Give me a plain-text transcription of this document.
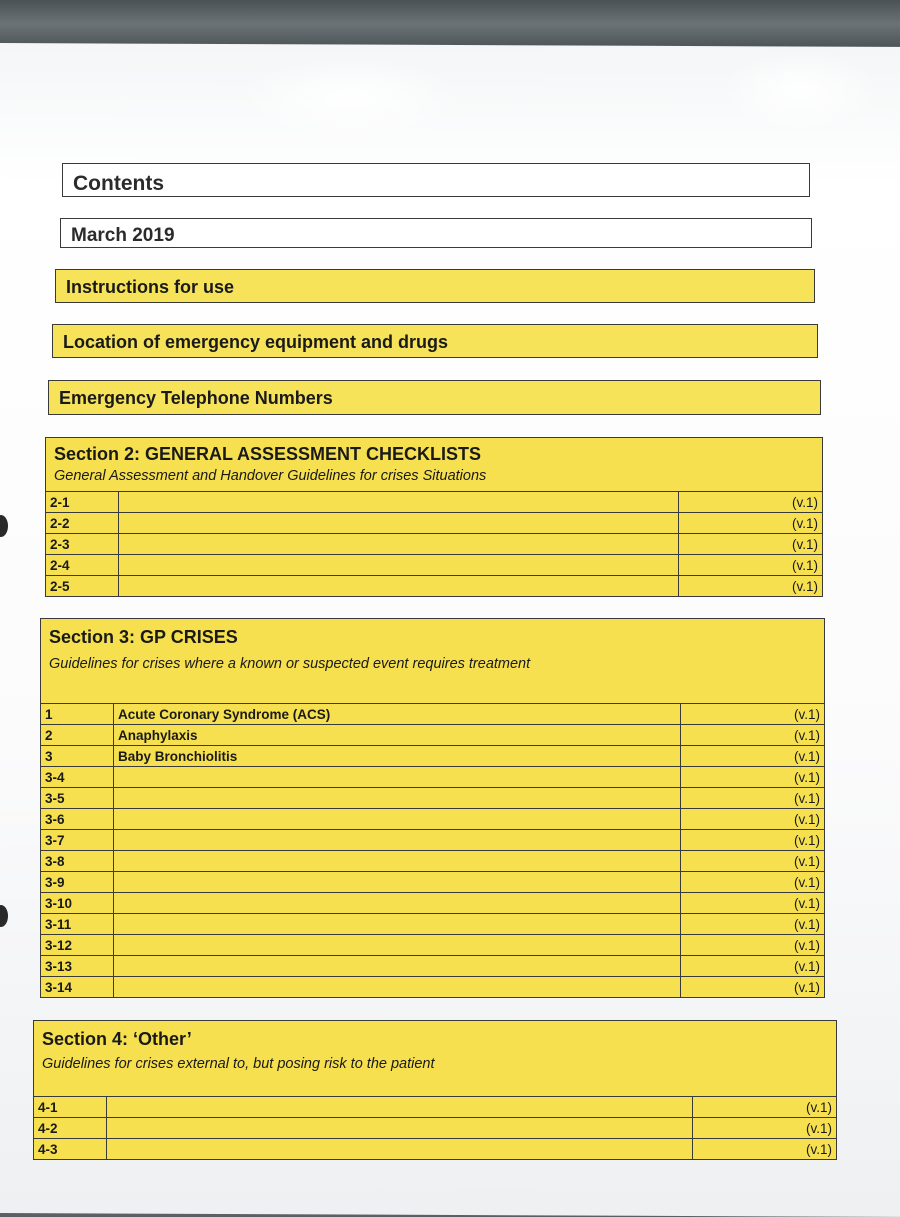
Contents
March 2019
Instructions for use
Location of emergency equipment and drugs
Emergency Telephone Numbers
Section 2: GENERAL ASSESSMENT CHECKLISTS
General Assessment and Handover Guidelines for crises Situations
2-1		(v.1)
2-2		(v.1)
2-3		(v.1)
2-4		(v.1)
2-5		(v.1)
Section 3: GP CRISES
Guidelines for crises where a known or suspected event requires treatment
1	Acute Coronary Syndrome (ACS)	(v.1)
2	Anaphylaxis	(v.1)
3	Baby Bronchiolitis	(v.1)
3-4		(v.1)
3-5		(v.1)
3-6		(v.1)
3-7		(v.1)
3-8		(v.1)
3-9		(v.1)
3-10		(v.1)
3-11		(v.1)
3-12		(v.1)
3-13		(v.1)
3-14		(v.1)
Section 4: ‘Other’
Guidelines for crises external to, but posing risk to the patient
4-1		(v.1)
4-2		(v.1)
4-3		(v.1)
